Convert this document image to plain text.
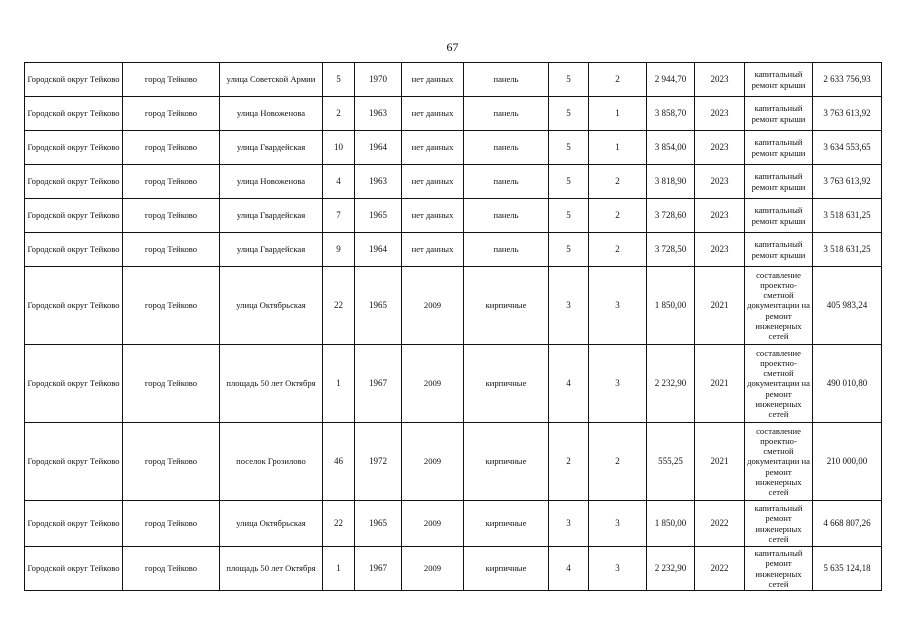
67
Городской округ Тейково	город Тейково	улица Советской Армии	5	1970	нет данных	панель	5	2	2 944,70	2023	капитальный ремонт крыши	2 633 756,93
Городской округ Тейково	город Тейково	улица Новоженова	2	1963	нет данных	панель	5	1	3 858,70	2023	капитальный ремонт крыши	3 763 613,92
Городской округ Тейково	город Тейково	улица Гвардейская	10	1964	нет данных	панель	5	1	3 854,00	2023	капитальный ремонт крыши	3 634 553,65
Городской округ Тейково	город Тейково	улица Новоженова	4	1963	нет данных	панель	5	2	3 818,90	2023	капитальный ремонт крыши	3 763 613,92
Городской округ Тейково	город Тейково	улица Гвардейская	7	1965	нет данных	панель	5	2	3 728,60	2023	капитальный ремонт крыши	3 518 631,25
Городской округ Тейково	город Тейково	улица Гвардейская	9	1964	нет данных	панель	5	2	3 728,50	2023	капитальный ремонт крыши	3 518 631,25
Городской округ Тейково	город Тейково	улица Октябрьская	22	1965	2009	кирпичные	3	3	1 850,00	2021	составление проектно-сметной документации на ремонт инженерных сетей	405 983,24
Городской округ Тейково	город Тейково	площадь 50 лет Октября	1	1967	2009	кирпичные	4	3	2 232,90	2021	составление проектно-сметной документации на ремонт инженерных сетей	490 010,80
Городской округ Тейково	город Тейково	поселок Грозилово	46	1972	2009	кирпичные	2	2	555,25	2021	составление проектно-сметной документации на ремонт инженерных сетей	210 000,00
Городской округ Тейково	город Тейково	улица Октябрьская	22	1965	2009	кирпичные	3	3	1 850,00	2022	капитальный ремонт инженерных сетей	4 668 807,26
Городской округ Тейково	город Тейково	площадь 50 лет Октября	1	1967	2009	кирпичные	4	3	2 232,90	2022	капитальный ремонт инженерных сетей	5 635 124,18
